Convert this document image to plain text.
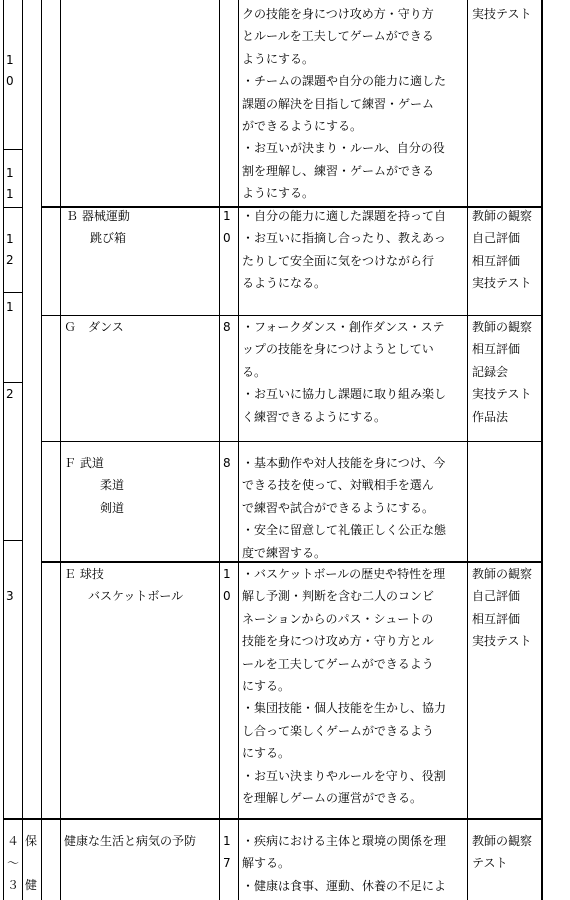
1
0
1
1
1
2
1
2
3
４
～
３
保
健
クの技能を身につけ攻め方・守り方
とルールを工夫してゲームができる
ようにする。
・チームの課題や自分の能力に適した
課題の解決を目指して練習・ゲーム
ができるようにする。
・お互いが決まり・ルール、自分の役
割を理解し、練習・ゲームができる
ようにする。
実技テスト
Ｂ 器械運動
　　跳び箱
1
0
・自分の能力に適した課題を持って自
・お互いに指摘し合ったり、教えあっ
たりして安全面に気をつけながら行
るようになる。
教師の観察
自己評価
相互評価
実技テスト
Ｇ　ダンス	8 ・フォークダンス・創作ダンス・ステ
ップの技能を身につけようとしてい
る。
・お互いに協力し課題に取り組み楽し
く練習できるようにする。
教師の観察
相互評価
記録会
実技テスト
作品法
Ｆ 武道
　　　柔道
　　　剣道
8 ・基本動作や対人技能を身につけ、今
できる技を使って、対戦相手を選ん
で練習や試合ができるようにする。
・安全に留意して礼儀正しく公正な態
度で練習する。
Ｅ 球技
　　バスケットボール
1
0
・バスケットボールの歴史や特性を理
解し予測・判断を含む二人のコンビ
ネーションからのパス・シュートの
技能を身につけ攻め方・守り方とル
ールを工夫してゲームができるよう
にする。
・集団技能・個人技能を生かし、協力
し合って楽しくゲームができるよう
にする。
・お互い決まりやルールを守り、役割
を理解しゲームの運営ができる。
教師の観察
自己評価
相互評価
実技テスト
健康な生活と病気の予防 1
7
・疾病における主体と環境の関係を理
解する。
・健康は食事、運動、休養の不足によ
教師の観察
テスト
